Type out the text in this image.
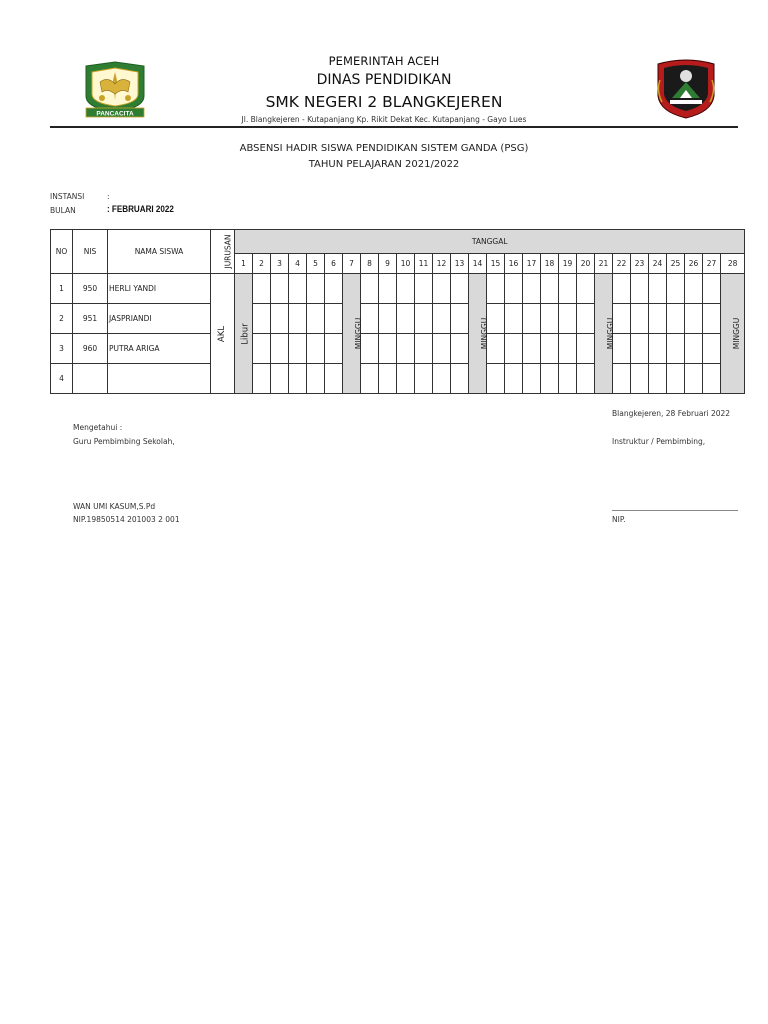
PANCACITA
PEMERINTAH ACEH
DINAS PENDIDIKAN
SMK NEGERI 2 BLANGKEJEREN
Jl. Blangkejeren - Kutapanjang Kp. Rikit Dekat Kec. Kutapanjang - Gayo Lues
ABSENSI HADIR SISWA PENDIDIKAN SISTEM GANDA (PSG)
TAHUN PELAJARAN 2021/2022
INSTANSI	:
BULAN	: FEBRUARI 2022
NO	NIS	NAMA SISWA	JURUSAN	TANGGAL																												
				1	2	3	4	5	6	7	8	9	10	11	12	13	14	15	16	17	18	19	20	21	22	23	24	25	26	27	28	
1	950	HERLI YANDI	AKL	Libur						MINGGU							MINGGU							MINGGU							MINGGU	
2	951	JASPRIANDI																														
3	960	PUTRA ARIGA																														
4																																
Blangkejeren, 28 Februari 2022
Mengetahui :
Guru Pembimbing Sekolah,	Instruktur / Pembimbing,
WAN UMI KASUM,S.Pd
NIP.19850514 201003 2 001	NIP.
